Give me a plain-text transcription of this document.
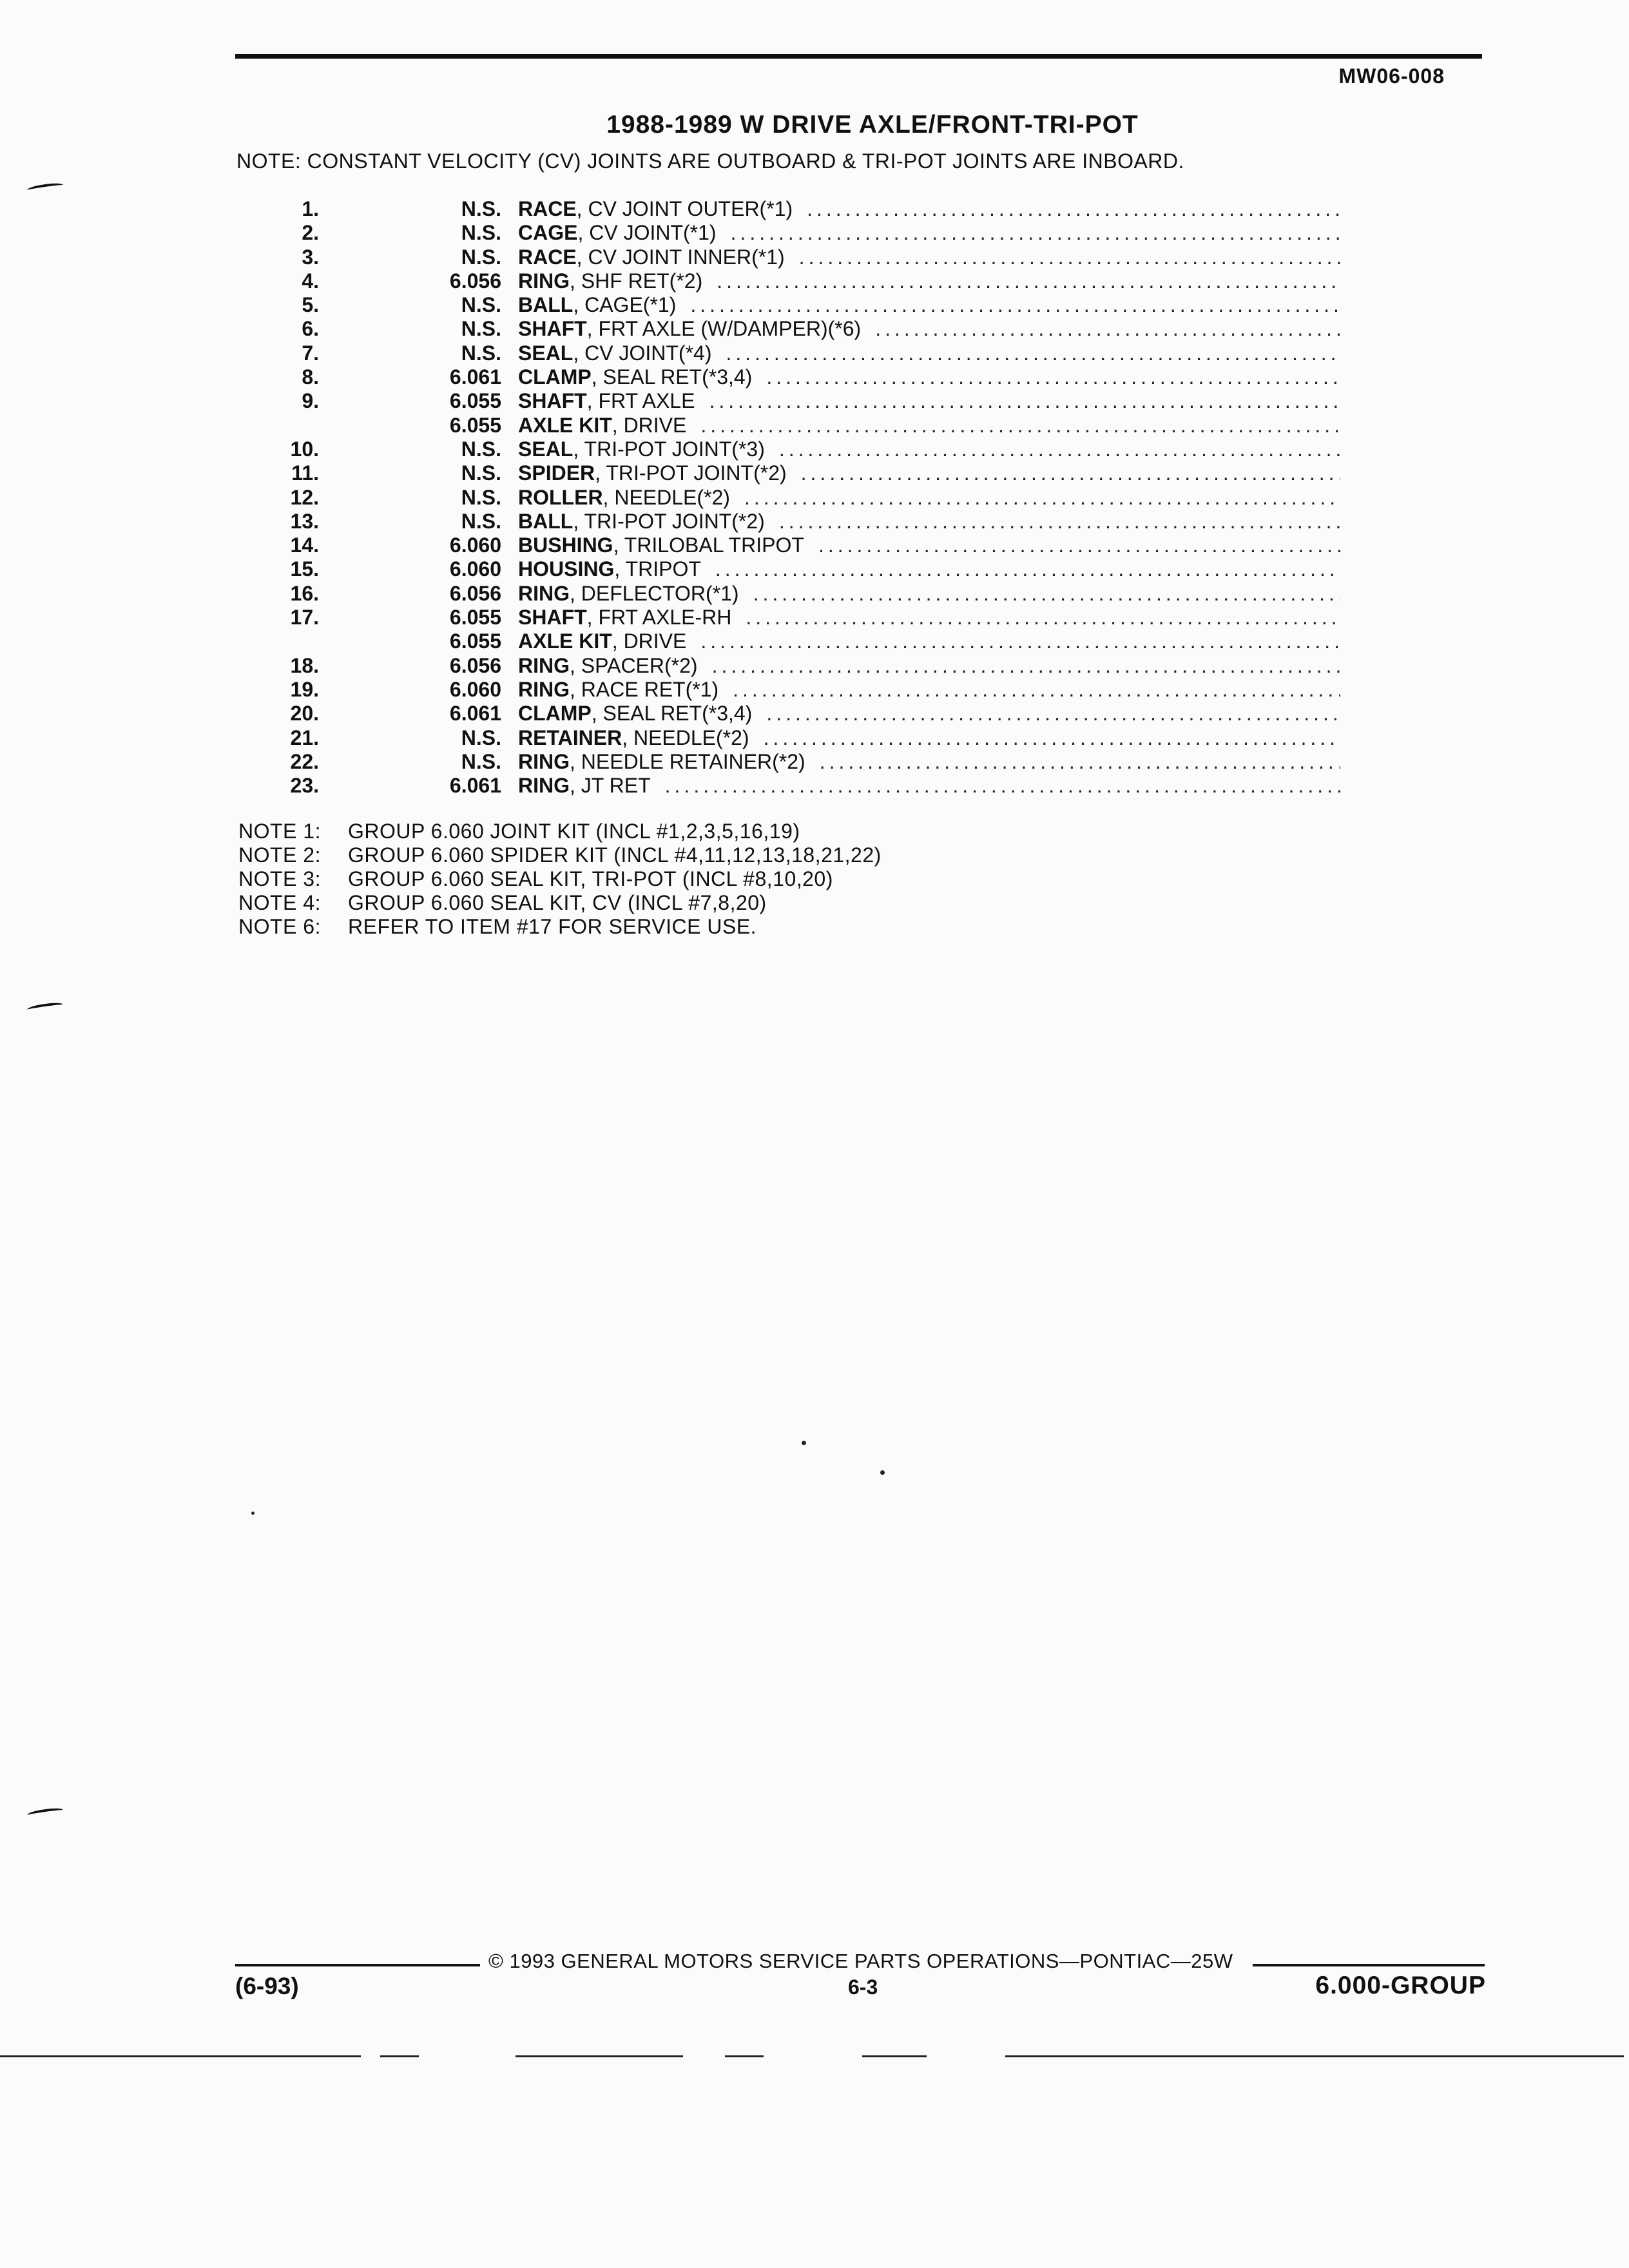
MW06-008
1988-1989 W DRIVE AXLE/FRONT-TRI-POT
NOTE: CONSTANT VELOCITY (CV) JOINTS ARE OUTBOARD & TRI-POT JOINTS ARE INBOARD.
1.	N.S. RACE , CV JOINT OUTER(*1)
.....
2.	N.S. CAGE , CV JOINT(*1)
.....
3.	N.S. RACE , CV JOINT INNER(*1)
.....
4.	6.056 RING , SHF RET(*2)
.....
5.	N.S. BALL , CAGE(*1)
.....
6.	N.S. SHAFT , FRT AXLE (W/DAMPER)(*6)
.....
7.	N.S. SEAL , CV JOINT(*4)
.....
8.	6.061 CLAMP , SEAL RET(*3,4)
.....
9.	6.055 SHAFT , FRT AXLE
.....
6.055 AXLE KIT , DRIVE
.....
10.	N.S. SEAL , TRI-POT JOINT(*3)
.....
11.	N.S. SPIDER , TRI-POT JOINT(*2)
.....
12.	N.S. ROLLER , NEEDLE(*2)
.....
13.	N.S. BALL , TRI-POT JOINT(*2)
.....
14.	6.060 BUSHING , TRILOBAL TRIPOT
.....
15.	6.060 HOUSING , TRIPOT
.....
16.	6.056 RING , DEFLECTOR(*1)
.....
17.	6.055 SHAFT , FRT AXLE-RH
.....
6.055 AXLE KIT , DRIVE
.....
18.	6.056 RING , SPACER(*2)
.....
19.	6.060 RING , RACE RET(*1)
.....
20.	6.061 CLAMP , SEAL RET(*3,4)
.....
21.	N.S. RETAINER , NEEDLE(*2)
.....
22.	N.S. RING , NEEDLE RETAINER(*2)
.....
23.	6.061 RING , JT RET
.....
NOTE 1:	GROUP 6.060 JOINT KIT (INCL #1,2,3,5,16,19)
NOTE 2:	GROUP 6.060 SPIDER KIT (INCL #4,11,12,13,18,21,22)
NOTE 3:	GROUP 6.060 SEAL KIT, TRI-POT (INCL #8,10,20)
NOTE 4:	GROUP 6.060 SEAL KIT, CV (INCL #7,8,20)
NOTE 6:	REFER TO ITEM #17 FOR SERVICE USE.
© 1993 GENERAL MOTORS SERVICE PARTS OPERATIONS—PONTIAC—25W
(6-93)	6-3	6.000-GROUP
